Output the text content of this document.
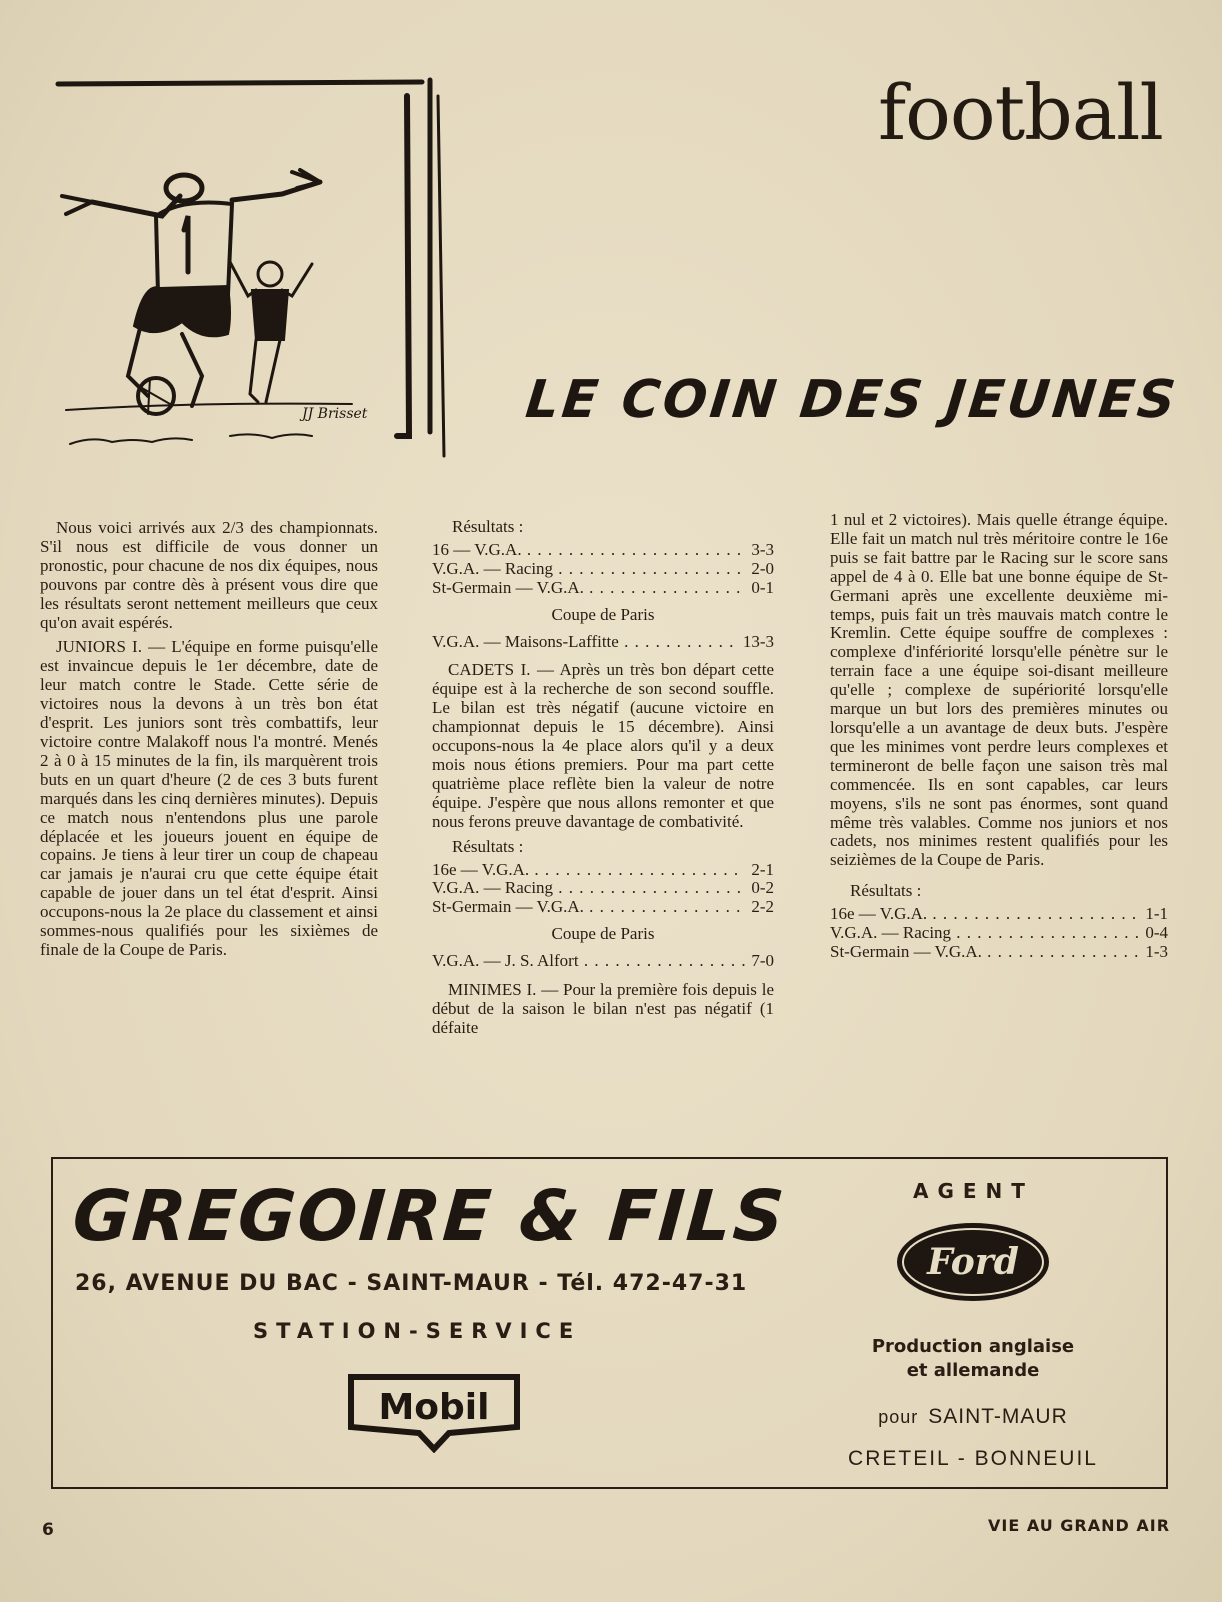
football
JJ Brisset	LE COIN DES JEUNES

Nous voici arrivés aux 2/3 des championnats. S'il nous est difficile de vous donner un pronostic, pour chacune de nos dix équipes, nous pouvons par contre dès à présent vous dire que les résultats seront nettement meilleurs que ceux qu'on avait espérés.

JUNIORS I. — L'équipe en forme puisqu'elle est invaincue depuis le 1er décembre, date de leur match contre le Stade. Cette série de victoires nous la devons à un très bon état d'esprit. Les juniors sont très combattifs, leur victoire contre Malakoff nous l'a montré. Menés 2 à 0 à 15 minutes de la fin, ils marquèrent trois buts en un quart d'heure (2 de ces 3 buts furent marqués dans les cinq dernières minutes). Depuis ce match nous n'entendons plus une parole déplacée et les joueurs jouent en équipe de copains. Je tiens à leur tirer un coup de chapeau car jamais je n'aurai cru que cette équipe était capable de jouer dans un tel état d'esprit. Ainsi occupons-nous la 2e place du classement et ainsi sommes-nous qualifiés pour les sixièmes de finale de la Coupe de Paris.

Résultats :
16 — V.G.A. . . .	3-3
V.G.A. — Racing . . .	2-0
St-Germain — V.G.A. . . .	0-1
Coupe de Paris
V.G.A. — Maisons-Laffitte . . .	13-3

CADETS I. — Après un très bon départ cette équipe est à la recherche de son second souffle. Le bilan est très négatif (aucune victoire en championnat depuis le 15 décembre). Ainsi occupons-nous la 4e place alors qu'il y a deux mois nous étions premiers. Pour ma part cette quatrième place reflète bien la valeur de notre équipe. J'espère que nous allons remonter et que nous ferons preuve davantage de combativité.

Résultats :
16e — V.G.A. . . .	2-1
V.G.A. — Racing . . .	0-2
St-Germain — V.G.A. . . .	2-2
Coupe de Paris
V.G.A. — J. S. Alfort . . .	7-0

MINIMES I. — Pour la première fois depuis le début de la saison le bilan n'est pas négatif (1 défaite

1 nul et 2 victoires). Mais quelle étrange équipe. Elle fait un match nul très méritoire contre le 16e puis se fait battre par le Racing sur le score sans appel de 4 à 0. Elle bat une bonne équipe de St-Germani après une excellente deuxième mi-temps, puis fait un très mauvais match contre le Kremlin. Cette équipe souffre de complexes : complexe d'infériorité lorsqu'elle pénètre sur le terrain face a une équipe soi-disant meilleure qu'elle ; complexe de supériorité lorsqu'elle marque un but lors des premières minutes ou lorsqu'elle a un avantage de deux buts. J'espère que les minimes vont perdre leurs complexes et termineront de belle façon une saison très mal commencée. Ils en sont capables, car leurs moyens, s'ils ne sont pas énormes, sont quand même très valables. Comme nos juniors et nos cadets, nos minimes restent qualifiés pour les seizièmes de la Coupe de Paris.

Résultats :
16e — V.G.A. . . .	1-1
V.G.A. — Racing . . .	0-4
St-Germain — V.G.A. . . .	1-3
GREGOIRE & FILS
26, AVENUE DU BAC - SAINT-MAUR - Tél. 472-47-31
STATION-SERVICE
Mobil
AGENT
Ford
Production anglaise
et allemande
pour SAINT-MAUR
CRETEIL - BONNEUIL
6	VIE AU GRAND AIR
